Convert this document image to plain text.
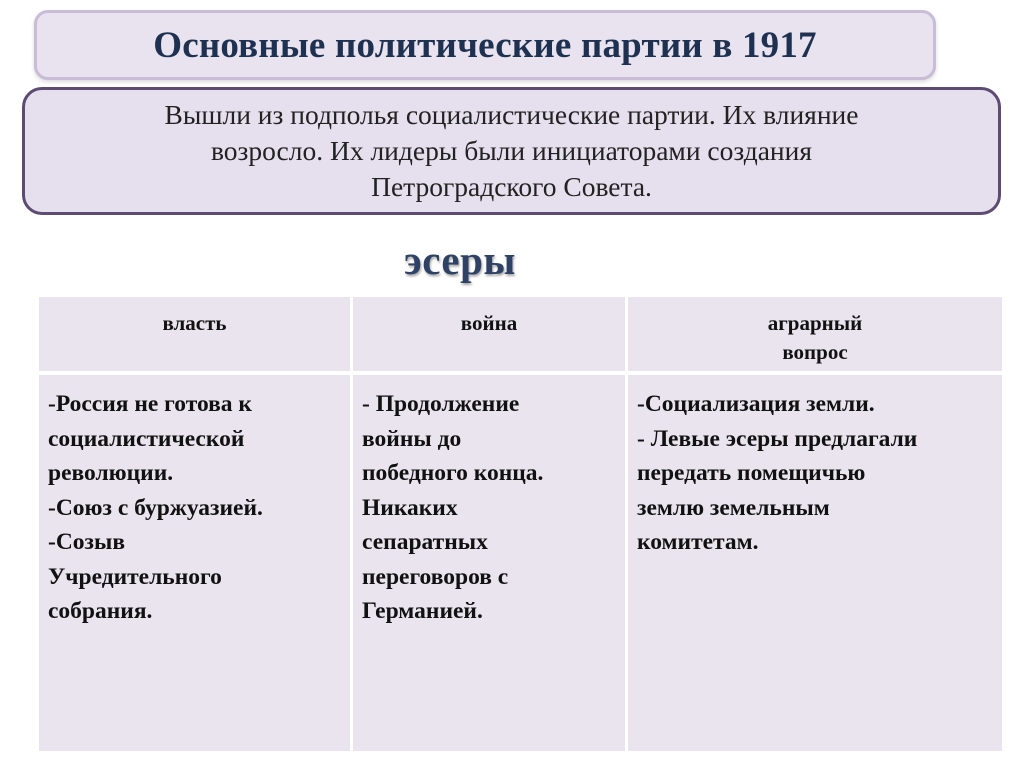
Основные политические партии в 1917
Вышли из подполья социалистические партии. Их влияние
возросло. Их лидеры были инициаторами создания
Петроградского Совета.
эсеры
власть	война	аграрный
вопрос
-Россия не готова к
социалистической
революции.
-Союз с буржуазией.
-Созыв
Учредительного
собрания.
- Продолжение
войны до
победного конца.
Никаких
сепаратных
переговоров с
Германией.
-Социализация земли.
- Левые эсеры предлагали
передать помещичью
землю земельным
комитетам.
